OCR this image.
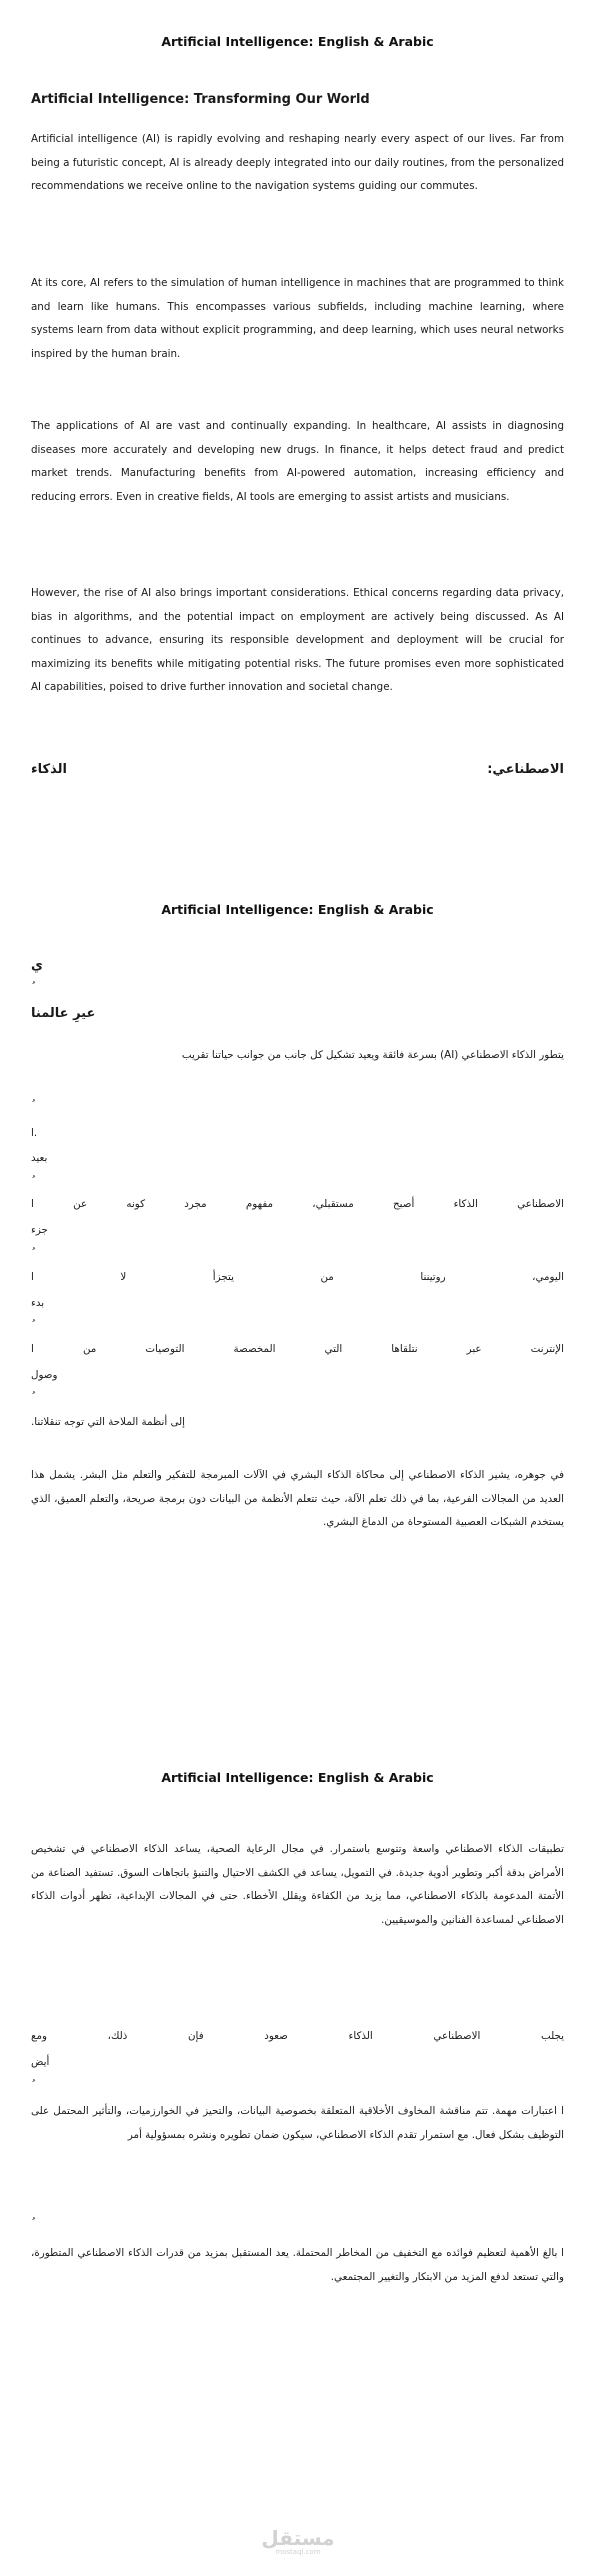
Artificial Intelligence: English & Arabic
Artificial Intelligence: Transforming Our World

Artificial intelligence (AI) is rapidly evolving and reshaping nearly every aspect of our lives. Far from being a futuristic concept, AI is already deeply integrated into our daily routines, from the personalized recommendations we receive online to the navigation systems guiding our commutes.

At its core, AI refers to the simulation of human intelligence in machines that are programmed to think and learn like humans. This encompasses various subfields, including machine learning, where systems learn from data without explicit programming, and deep learning, which uses neural networks inspired by the human brain.

The applications of AI are vast and continually expanding. In healthcare, AI assists in diagnosing diseases more accurately and developing new drugs. In finance, it helps detect fraud and predict market trends. Manufacturing benefits from AI-powered automation, increasing efficiency and reducing errors. Even in creative fields, AI tools are emerging to assist artists and musicians.

However, the rise of AI also brings important considerations. Ethical concerns regarding data privacy, bias in algorithms, and the potential impact on employment are actively being discussed. As AI continues to advance, ensuring its responsible development and deployment will be crucial for maximizing its benefits while mitigating potential risks. The future promises even more sophisticated AI capabilities, poised to drive further innovation and societal change.

الذكاء	الاصطناعي:
Artificial Intelligence: English & Arabic
ي
عيرِ عالمنا

يتطور الذكاء الاصطناعي (AI) بسرعة فائقة ويعيد تشكيل كل جانب من جوانب حياتنا تقريب

ا.
بعيد
الاصطناعي
الذكاء
أصبح
مستقبلي،
مفهوم
مجرد
كونه
عن
ا
جزء
اليومي،
روتيننا
من
يتجزأ
لا
ا
بدء
الإنترنت
عبر
نتلقاها
التي
المخصصة
التوصيات
من
ا
وصول

إلى أنظمة الملاحة التي توجه تنقلاتنا.

في جوهره، يشير الذكاء الاصطناعي إلى محاكاة الذكاء البشري في الآلات المبرمجة للتفكير والتعلم مثل البشر. يشمل هذا العديد من المجالات الفرعية، بما في ذلك تعلم الآلة، حيث تتعلم الأنظمة من البيانات دون برمجة صريحة، والتعلم العميق، الذي يستخدم الشبكات العصبية المستوحاة من الدماغ البشري.

Artificial Intelligence: English & Arabic

تطبيقات الذكاء الاصطناعي واسعة وتتوسع باستمرار. في مجال الرعاية الصحية، يساعد الذكاء الاصطناعي في تشخيص الأمراض بدقة أكبر وتطوير أدوية جديدة. في التمويل، يساعد في الكشف الاحتيال والتنبؤ باتجاهات السوق. تستفيد الصناعة من الأتمتة المدعومة بالذكاء الاصطناعي، مما يزيد من الكفاءة ويقلل الأخطاء. حتى في المجالات الإبداعية، تظهر أدوات الذكاء الاصطناعي لمساعدة الفنانين والموسيقيين.

يجلب
الاصطناعي
الذكاء
صعود
فإن
ذلك،
ومع
أيض

ا اعتبارات مهمة. تتم مناقشة المخاوف الأخلاقية المتعلقة بخصوصية البيانات، والتحيز في الخوارزميات، والتأثير المحتمل على التوظيف بشكل فعال. مع استمرار تقدم الذكاء الاصطناعي، سيكون ضمان تطويره ونشره بمسؤولية أمر

ا بالغ الأهمية لتعظيم فوائده مع التخفيف من المخاطر المحتملة. يعد المستقبل بمزيد من قدرات الذكاء الاصطناعي المتطورة، والتي تستعد لدفع المزيد من الابتكار والتغيير المجتمعي.

مستقل
mostaql.com
